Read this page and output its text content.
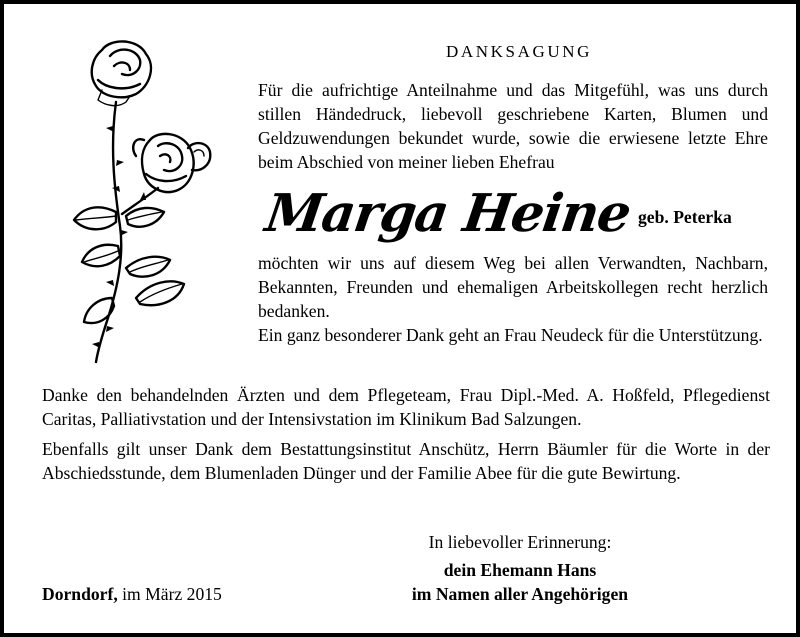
DANKSAGUNG
Für die aufrichtige Anteilnahme und das Mitgefühl, was uns durch stillen Händedruck, liebevoll geschriebene Karten, Blumen und Geldzuwendungen bekundet wurde, sowie die erwiesene letzte Ehre beim Abschied von meiner lieben Ehefrau
Marga Heine geb. Peterka
möchten wir uns auf diesem Weg bei allen Verwandten, Nachbarn, Bekannten, Freunden und ehemaligen Arbeitskollegen recht herzlich bedanken.
Ein ganz besonderer Dank geht an Frau Neudeck für die Unterstützung.
Danke den behandelnden Ärzten und dem Pflegeteam, Frau Dipl.-Med. A. Hoßfeld, Pflegedienst Caritas, Palliativstation und der Intensivstation im Klinikum Bad Salzungen.
Ebenfalls gilt unser Dank dem Bestattungsinstitut Anschütz, Herrn Bäumler für die Worte in der Abschiedsstunde, dem Blumenladen Dünger und der Familie Abee für die gute Bewirtung.
In liebevoller Erinnerung:
dein Ehemann Hans
im Namen aller Angehörigen
Dorndorf, im März 2015
